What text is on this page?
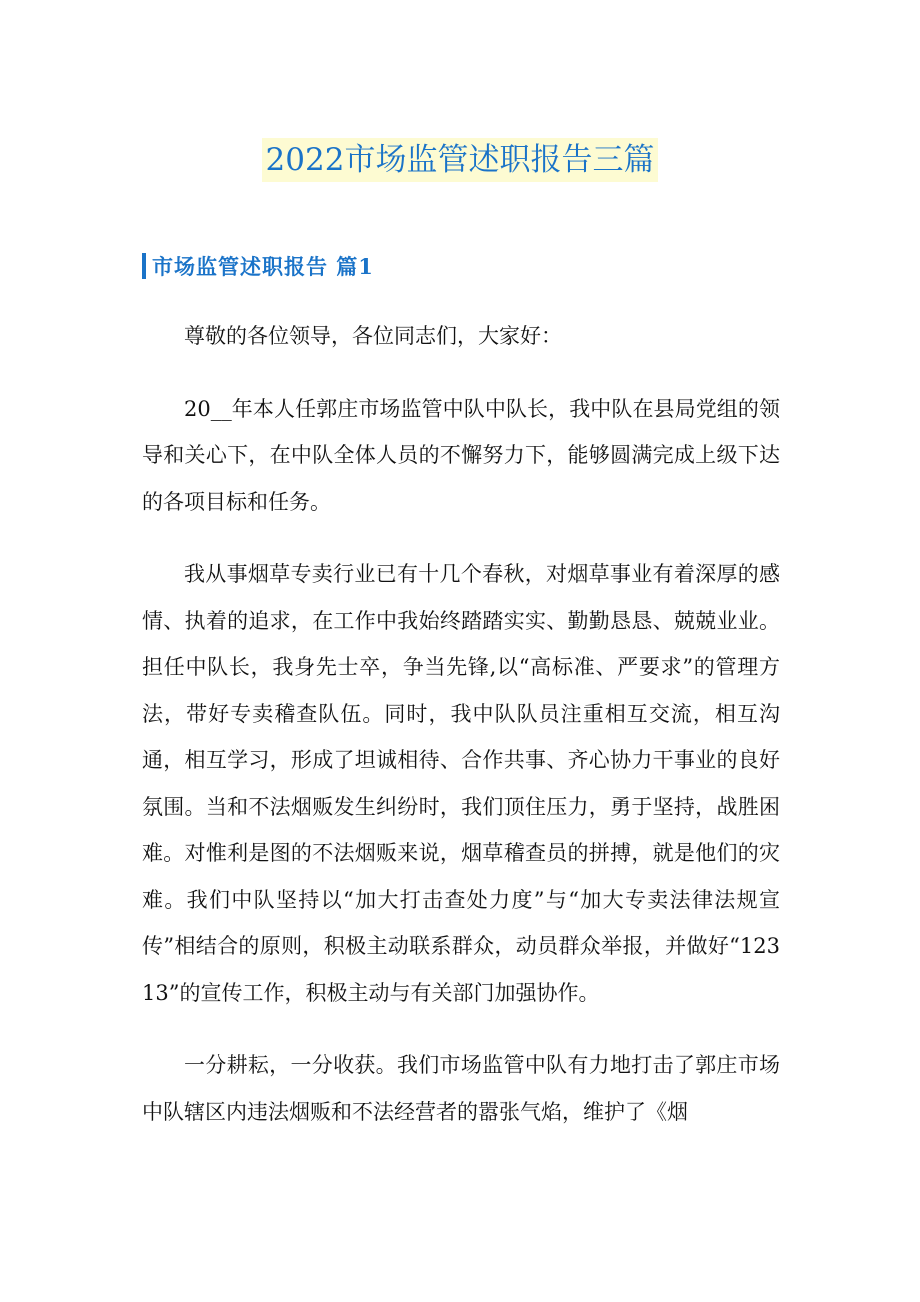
2022市场监管述职报告三篇
市场监管述职报告 篇1

尊敬的各位领导，各位同志们，大家好：

20__年本人任郭庄市场监管中队中队长，我中队在县局党组的领导和关心下，在中队全体人员的不懈努力下，能够圆满完成上级下达的各项目标和任务。

我从事烟草专卖行业已有十几个春秋，对烟草事业有着深厚的感情、执着的追求，在工作中我始终踏踏实实、勤勤恳恳、兢兢业业。担任中队长，我身先士卒，争当先锋,以“高标准、严要求”的管理方法，带好专卖稽查队伍。同时，我中队队员注重相互交流，相互沟通，相互学习，形成了坦诚相待、合作共事、齐心协力干事业的良好氛围。当和不法烟贩发生纠纷时，我们顶住压力，勇于坚持，战胜困难。对惟利是图的不法烟贩来说，烟草稽查员的拼搏，就是他们的灾难。我们中队坚持以“加大打击查处力度”与“加大专卖法律法规宣传”相结合的原则，积极主动联系群众，动员群众举报，并做好“12313”的宣传工作，积极主动与有关部门加强协作。

一分耕耘，一分收获。我们市场监管中队有力地打击了郭庄市场中队辖区内违法烟贩和不法经营者的嚣张气焰，维护了《烟
